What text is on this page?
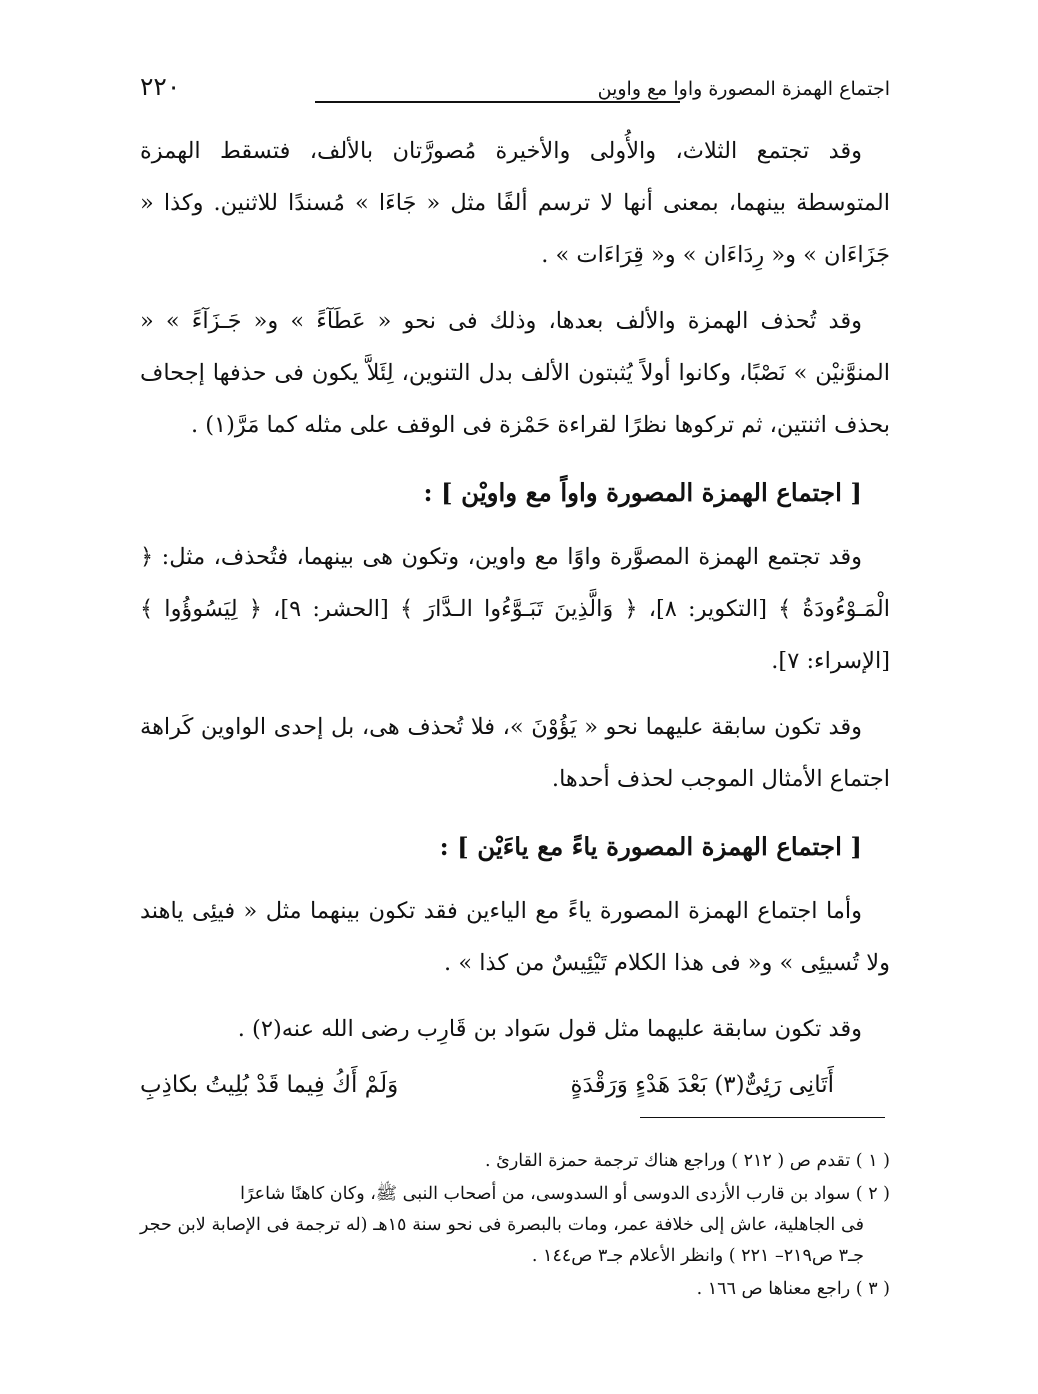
٢٢٠	اجتماع الهمزة المصورة واوا مع واوين

وقد تجتمع الثلاث، والأُولى والأخيرة مُصورَّتان بالألف، فتسقط الهمزة المتوسطة بينهما، بمعنى أنها لا ترسم ألفًا مثل « جَاءَا » مُسندًا للاثنين. وكذا « جَزَاءَان » و« رِدَاءَان » و« قِرَاءَات » .

وقد تُحذف الهمزة والألف بعدها، وذلك فى نحو « عَطَآءً » و« جَـزَآءً » « المنوَّنيْن » نَصْبًا، وكانوا أولاً يُثبتون الألف بدل التنوين، لِئَلاَّ يكون فى حذفها إجحاف بحذف اثنتين، ثم تركوها نظرًا لقراءة حَمْزة فى الوقف على مثله كما مَرَّ(١) .

[ اجتماع الهمزة المصورة واواً مع واويْن ] :

وقد تجتمع الهمزة المصوَّرة واوًا مع واوين، وتكون هى بينهما، فتُحذف، مثل: ﴿ الْمَـوْءُودَةُ ﴾ [التكوير: ٨]، ﴿ وَالَّذِينَ تَبَـوَّءُوا الـدَّارَ ﴾ [الحشر: ٩]، ﴿ لِيَسُوؤُوا ﴾ [الإسراء: ٧].

وقد تكون سابقة عليهما نحو « يَؤُوْنَ »، فلا تُحذف هى، بل إحدى الواوين كَراهة اجتماع الأمثال الموجب لحذف أحدها.

[ اجتماع الهمزة المصورة ياءً مع ياءَيْن ] :

وأما اجتماع الهمزة المصورة ياءً مع الياءين فقد تكون بينهما مثل « فيئِى ياهند ولا تُسيئِى » و« فى هذا الكلام تَيْئِيسٌ من كذا » .

وقد تكون سابقة عليهما مثل قول سَواد بن قَارِب رضى الله عنه(٢) .

أَتَانِى رَئِىٌّ(٣) بَعْدَ هَدْءٍ وَرَقْدَةٍ
وَلَمْ أَكُ فِيما قَدْ بُلِيتُ بكاذِبِ

( ١ ) تقدم ص ( ٢١٢ ) وراجع هناك ترجمة حمزة القارئ .

( ٢ ) سواد بن قارب الأزدى الدوسى أو السدوسى، من أصحاب النبى ﷺ، وكان كاهنًا شاعرًا

فى الجاهلية، عاش إلى خلافة عمر، ومات بالبصرة فى نحو سنة ١٥هـ (له ترجمة فى الإصابة لابن حجر جـ٣ ص٢١٩– ٢٢١ ) وانظر الأعلام جـ٣ ص١٤٤ .

( ٣ ) راجع معناها ص ١٦٦ .
